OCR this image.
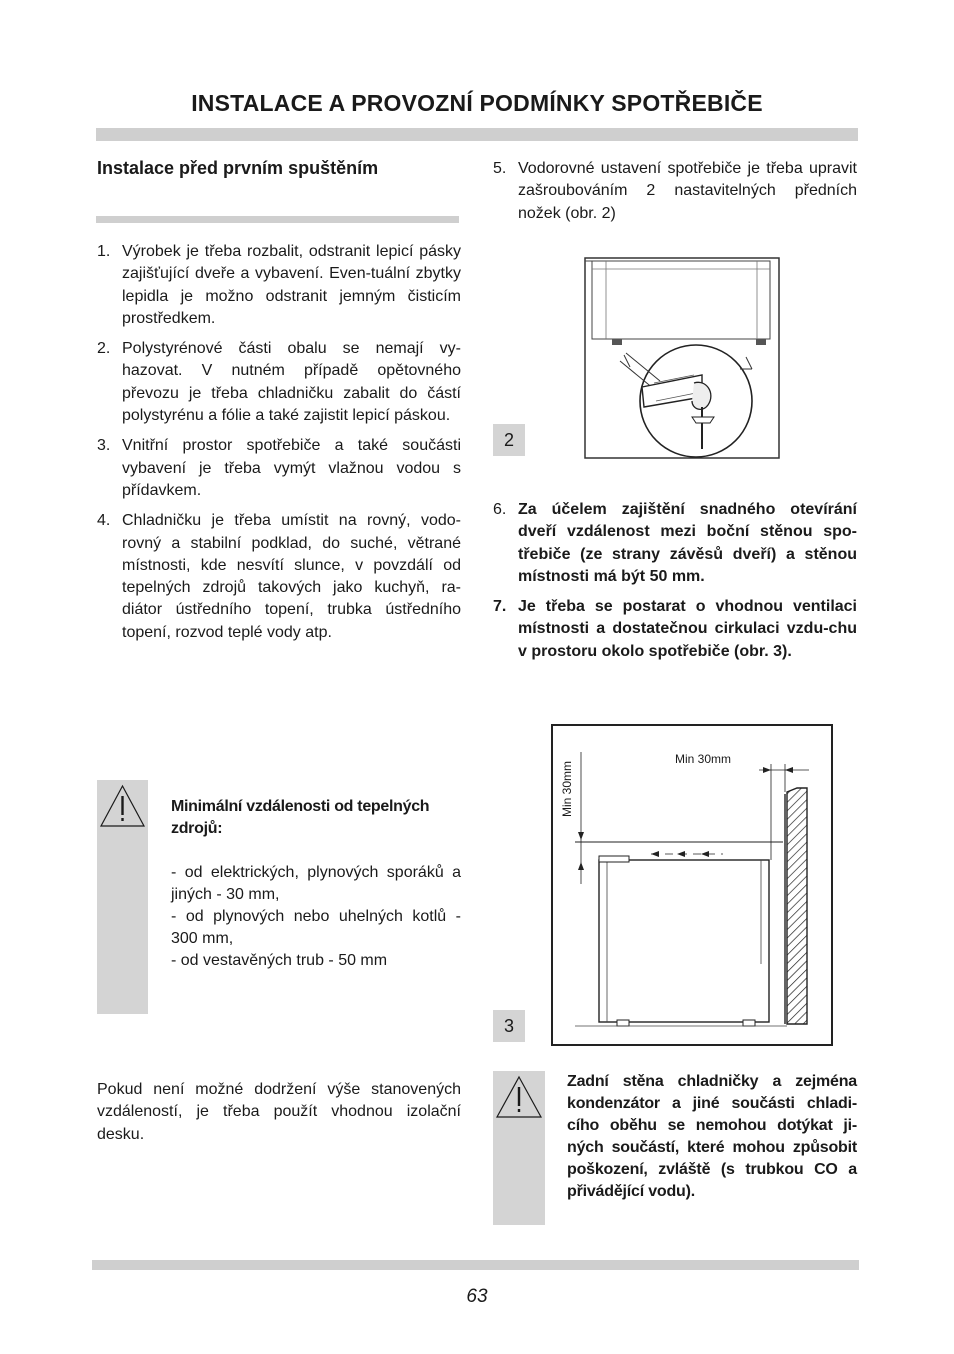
INSTALACE A PROVOZNÍ PODMÍNKY SPOTŘEBIČE
Instalace před prvním spuštěním
1. Výrobek je třeba rozbalit, odstranit lepicí pásky zajišťující dveře a vybavení. Even-tuální zbytky lepidla je možno odstranit jemným čisticím prostředkem.
2. Polystyrénové části obalu se nemají vy-hazovat. V nutném případě opětovného převozu je třeba chladničku zabalit do částí polystyrénu a fólie a také zajistit lepicí páskou.
3. Vnitřní prostor spotřebiče a také součásti vybavení je třeba vymýt vlažnou vodou s přídavkem.
4. Chladničku je třeba umístit na rovný, vodo-rovný a stabilní podklad, do suché, větrané místnosti, kde nesvítí slunce, v povzdálí od tepelných zdrojů takových jako kuchyň, ra-diátor ústředního topení, trubka ústředního topení, rozvod teplé vody atp.
Minimální vzdálenosti od tepelných zdrojů:
- od elektrických, plynových sporáků a jiných - 30 mm,
- od plynových nebo uhelných kotlů - 300 mm,
- od vestavěných trub - 50 mm
Pokud není možné dodržení výše stanovených vzdáleností, je třeba použít vhodnou izolační desku.
5. Vodorovné ustavení spotřebiče je třeba upravit zašroubováním 2 nastavitelných předních nožek (obr. 2)
2
6. Za účelem zajištění snadného otevírání dveří vzdálenost mezi boční stěnou spo-třebiče (ze strany závěsů dveří) a stěnou místnosti má být 50 mm.
7. Je třeba se postarat o vhodnou ventilaci místnosti a dostatečnou cirkulaci vzdu-chu v prostoru okolo spotřebiče (obr. 3).
3
Min 30mm
Min 30mm
Zadní stěna chladničky a zejména kondenzátor a jiné součásti chladi-cího oběhu se nemohou dotýkat ji-ných součástí, které mohou způsobit poškození, zvláště (s trubkou CO a přivádějící vodu).
63
